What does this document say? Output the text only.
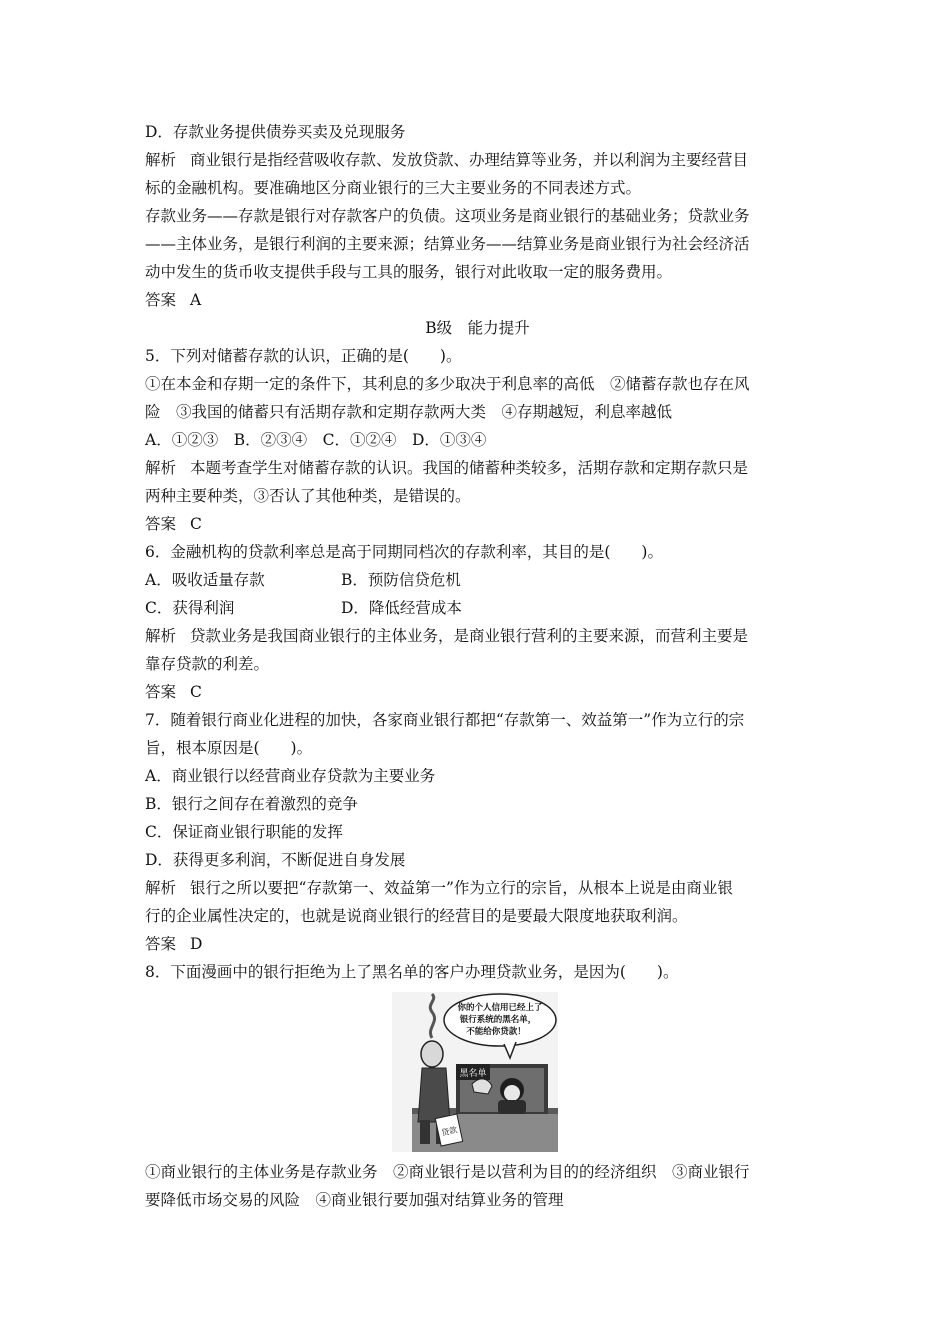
D．存款业务提供债券买卖及兑现服务
解析 商业银行是指经营吸收存款、发放贷款、办理结算等业务，并以利润为主要经营目
标的金融机构。要准确地区分商业银行的三大主要业务的不同表述方式。
存款业务——存款是银行对存款客户的负债。这项业务是商业银行的基础业务；贷款业务
——主体业务，是银行利润的主要来源；结算业务——结算业务是商业银行为社会经济活
动中发生的货币收支提供手段与工具的服务，银行对此收取一定的服务费用。
答案 A
B级　能力提升
5．下列对储蓄存款的认识，正确的是(　　)。
①在本金和存期一定的条件下，其利息的多少取决于利息率的高低　②储蓄存款也存在风
险　③我国的储蓄只有活期存款和定期存款两大类　④存期越短，利息率越低
A．①②③　B．②③④　C．①②④　D．①③④
解析 本题考查学生对储蓄存款的认识。我国的储蓄种类较多，活期存款和定期存款只是
两种主要种类，③否认了其他种类，是错误的。
答案 C
6．金融机构的贷款利率总是高于同期同档次的存款利率，其目的是(　　)。
A．吸收适量存款	B．预防信贷危机
C．获得利润	D．降低经营成本
解析 贷款业务是我国商业银行的主体业务，是商业银行营利的主要来源，而营利主要是
靠存贷款的利差。
答案 C
7．随着银行商业化进程的加快，各家商业银行都把“存款第一、效益第一”作为立行的宗
旨，根本原因是(　　)。
A．商业银行以经营商业存贷款为主要业务
B．银行之间存在着激烈的竞争
C．保证商业银行职能的发挥
D．获得更多利润，不断促进自身发展
解析 银行之所以要把“存款第一、效益第一”作为立行的宗旨，从根本上说是由商业银
行的企业属性决定的，也就是说商业银行的经营目的是要最大限度地获取利润。
答案 D
8．下面漫画中的银行拒绝为上了黑名单的客户办理贷款业务，是因为(　　)。
黑名单
贷款
你的个人信用已经上了
银行系统的黑名单，
不能给你贷款！
①商业银行的主体业务是存款业务　②商业银行是以营利为目的的经济组织　③商业银行
要降低市场交易的风险　④商业银行要加强对结算业务的管理
